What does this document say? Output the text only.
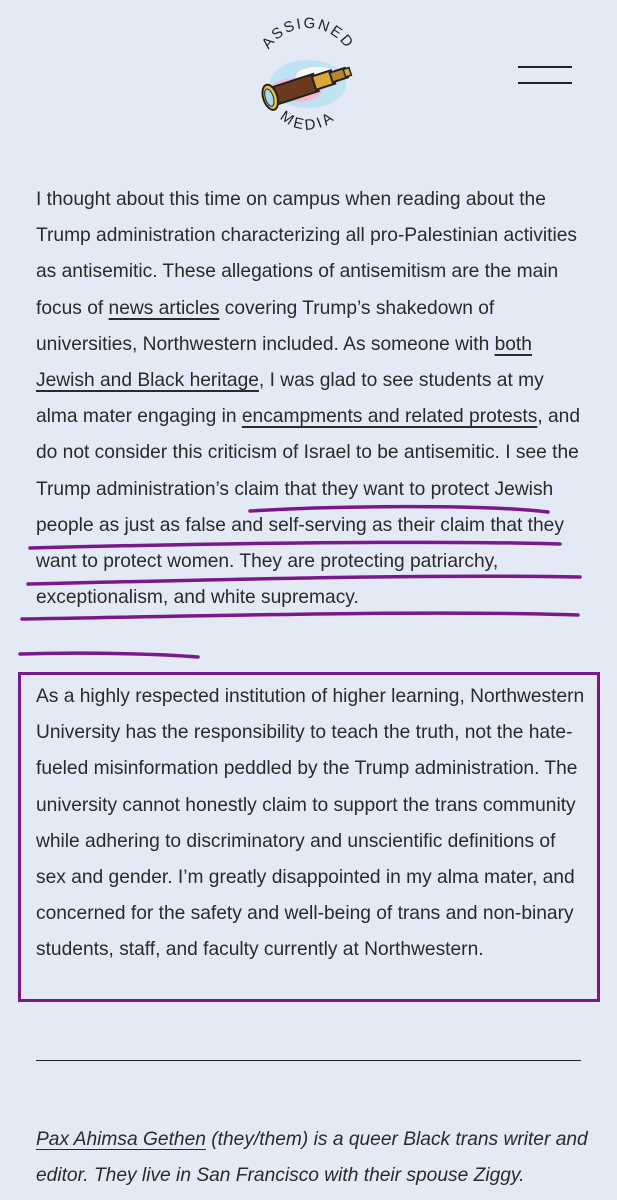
ASSIGNED
MEDIA

I thought about this time on campus when reading about the Trump administration characterizing all pro-Palestinian activities as antisemitic. These allegations of antisemitism are the main focus of news articles covering Trump’s shakedown of universities, Northwestern included. As someone with both Jewish and Black heritage, I was glad to see students at my alma mater engaging in encampments and related protests, and do not consider this criticism of Israel to be antisemitic. I see the Trump administration’s claim that they want to protect Jewish people as just as false and self-serving as their claim that they want to protect women. They are protecting patriarchy, exceptionalism, and white supremacy.

As a highly respected institution of higher learning, Northwestern University has the responsibility to teach the truth, not the hate-fueled misinformation peddled by the Trump administration. The university cannot honestly claim to support the trans community while adhering to discriminatory and unscientific definitions of sex and gender. I’m greatly disappointed in my alma mater, and concerned for the safety and well-being of trans and non-binary students, staff, and faculty currently at Northwestern.

Pax Ahimsa Gethen (they/them) is a queer Black trans writer and editor. They live in San Francisco with their spouse Ziggy.
